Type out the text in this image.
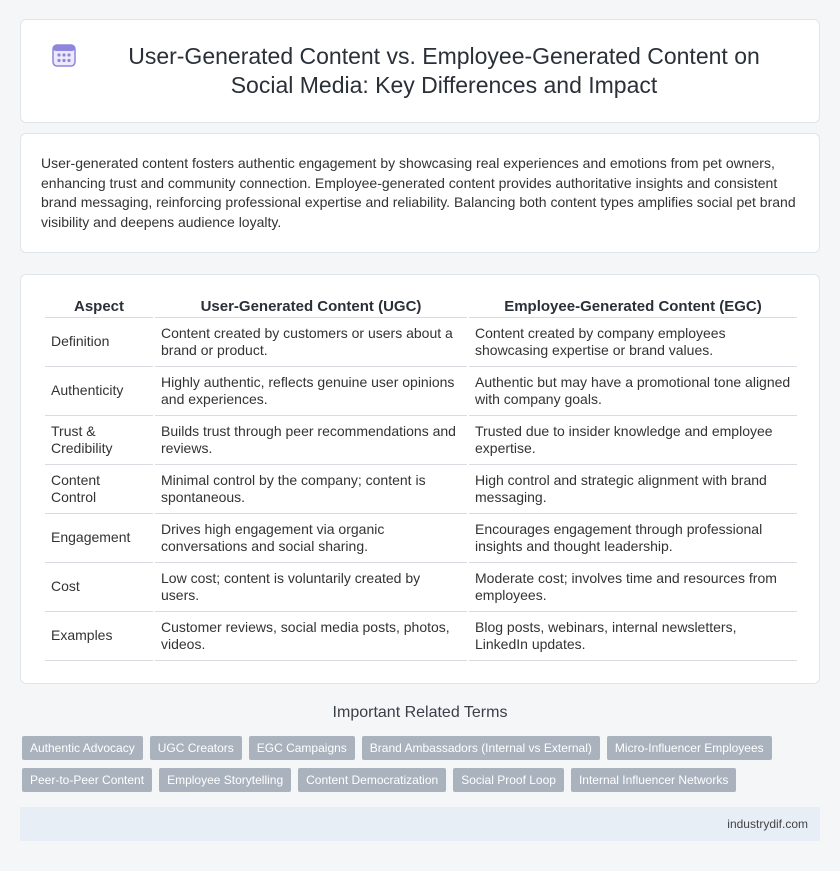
User-Generated Content vs. Employee-Generated Content on Social Media: Key Differences and Impact

User-generated content fosters authentic engagement by showcasing real experiences and emotions from pet owners, enhancing trust and community connection. Employee-generated content provides authoritative insights and consistent brand messaging, reinforcing professional expertise and reliability. Balancing both content types amplifies social pet brand visibility and deepens audience loyalty.

Aspect	User-Generated Content (UGC)	Employee-Generated Content (EGC)
Definition	Content created by customers or users about a brand or product.	Content created by company employees showcasing expertise or brand values.
Authenticity	Highly authentic, reflects genuine user opinions and experiences.	Authentic but may have a promotional tone aligned with company goals.
Trust & Credibility	Builds trust through peer recommendations and reviews.	Trusted due to insider knowledge and employee expertise.
Content Control	Minimal control by the company; content is spontaneous.	High control and strategic alignment with brand messaging.
Engagement	Drives high engagement via organic conversations and social sharing.	Encourages engagement through professional insights and thought leadership.
Cost	Low cost; content is voluntarily created by users.	Moderate cost; involves time and resources from employees.
Examples	Customer reviews, social media posts, photos, videos.	Blog posts, webinars, internal newsletters, LinkedIn updates.
Important Related Terms
Authentic Advocacy	UGC Creators	EGC Campaigns	Brand Ambassadors (Internal vs External)	Micro-Influencer Employees
Peer-to-Peer Content	Employee Storytelling	Content Democratization	Social Proof Loop	Internal Influencer Networks
industrydif.com
